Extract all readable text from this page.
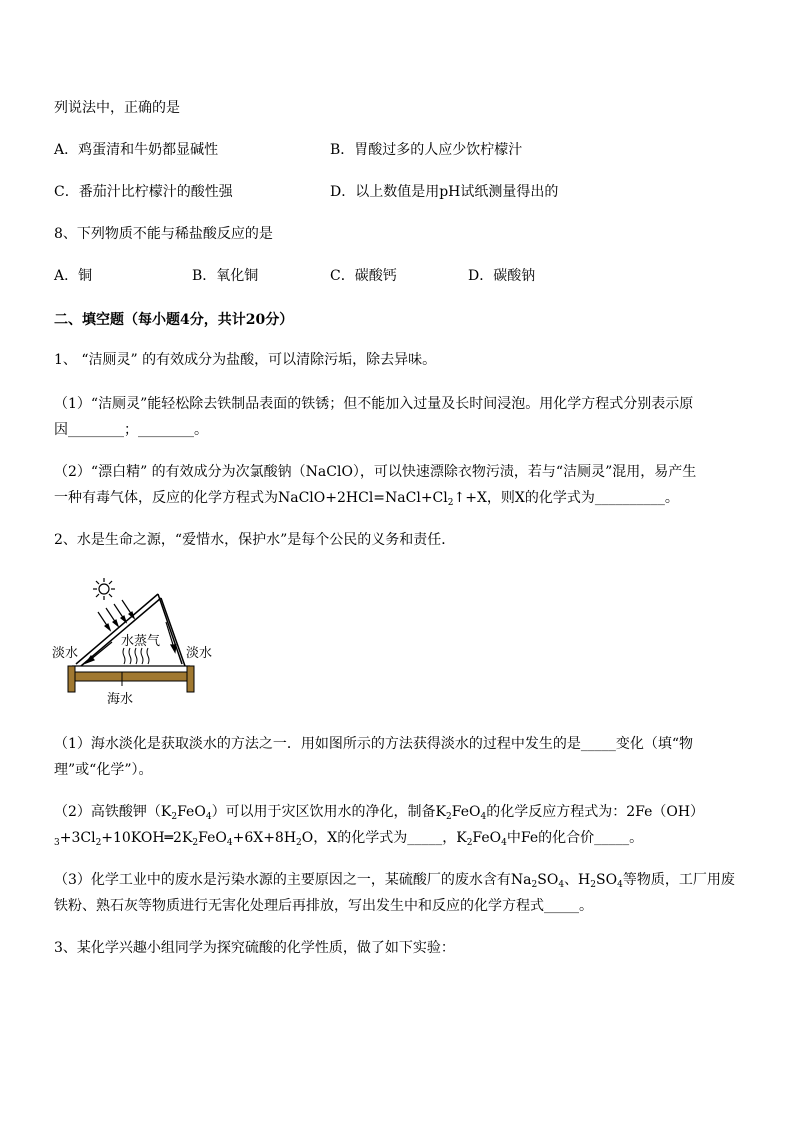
列说法中，正确的是
A．鸡蛋清和牛奶都显碱性	B．胃酸过多的人应少饮柠檬汁
C．番茄汁比柠檬汁的酸性强	D．以上数值是用pH试纸测量得出的
8、下列物质不能与稀盐酸反应的是
A．铜	B．氧化铜	C．碳酸钙	D．碳酸钠
二、填空题（每小题4分，共计20分）
1、 “洁厕灵” 的有效成分为盐酸，可以清除污垢，除去异味。
（1）“洁厕灵”能轻松除去铁制品表面的铁锈；但不能加入过量及长时间浸泡。用化学方程式分别表示原
因________；________。
（2）“漂白精” 的有效成分为次氯酸钠（NaClO），可以快速漂除衣物污渍，若与“洁厕灵”混用，易产生
一种有毒气体，反应的化学方程式为$NaClO+2HCl=NaCl+Cl_2↑+X$，则X的化学式为__________。
2、水是生命之源，“爱惜水，保护水”是每个公民的义务和责任．
淡水	淡水
水蒸气
海水
（1）海水淡化是获取淡水的方法之一．用如图所示的方法获得淡水的过程中发生的是_____变化（填“物
理”或“化学”）。
（2）高铁酸钾$(K_2FeO_4)$可以用于灾区饮用水的净化，制备$K_2FeO_4$的化学反应方程式为：2Fe（OH）
$_3+3Cl_2+10KOH═2K_2FeO_4+6X+8H_2O$，X的化学式为_____，$K_2FeO_4$中Fe的化合价_____。
（3）化学工业中的废水是污染水源的主要原因之一，某硫酸厂的废水含有$Na_2SO_4$、$H_2SO_4$等物质，工厂用废
铁粉、熟石灰等物质进行无害化处理后再排放，写出发生中和反应的化学方程式_____。
3、某化学兴趣小组同学为探究硫酸的化学性质，做了如下实验：
